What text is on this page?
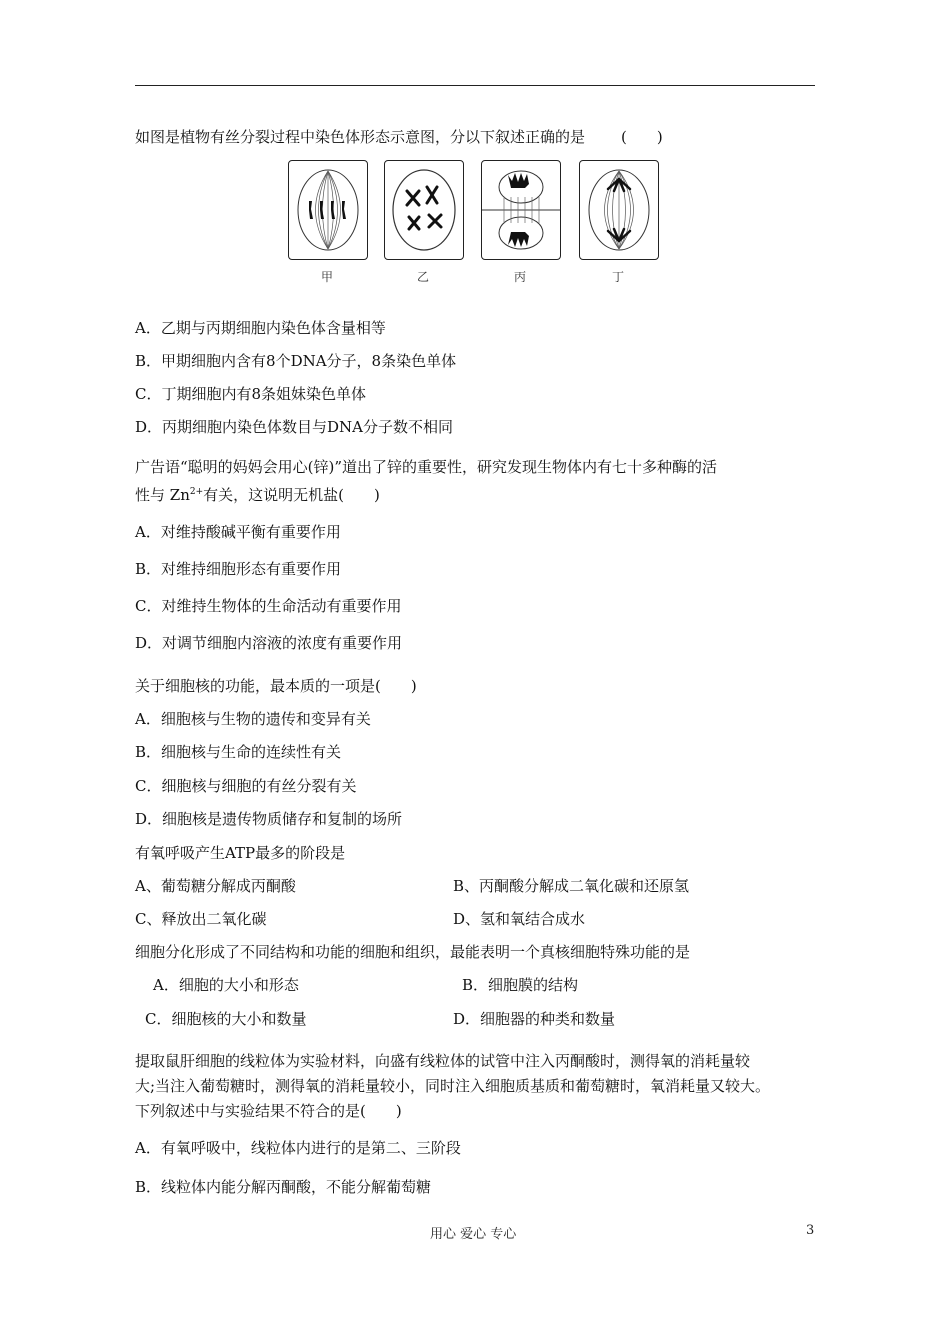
如图是植物有丝分裂过程中染色体形态示意图，分以下叙述正确的是 (　　)
甲	乙	丙	丁
A．乙期与丙期细胞内染色体含量相等
B．甲期细胞内含有8个DNA分子，8条染色单体
C．丁期细胞内有8条姐妹染色单体
D．丙期细胞内染色体数目与DNA分子数不相同
广告语“聪明的妈妈会用心(锌)”道出了锌的重要性，研究发现生物体内有七十多种酶的活
性与 $Zn^{2+}$有关，这说明无机盐(　　)
A．对维持酸碱平衡有重要作用
B．对维持细胞形态有重要作用
C．对维持生物体的生命活动有重要作用
D．对调节细胞内溶液的浓度有重要作用
关于细胞核的功能，最本质的一项是(　　)
A．细胞核与生物的遗传和变异有关
B．细胞核与生命的连续性有关
C．细胞核与细胞的有丝分裂有关
D．细胞核是遗传物质储存和复制的场所
有氧呼吸产生ATP最多的阶段是
A、葡萄糖分解成丙酮酸	B、丙酮酸分解成二氧化碳和还原氢
C、释放出二氧化碳	D、氢和氧结合成水
细胞分化形成了不同结构和功能的细胞和组织，最能表明一个真核细胞特殊功能的是
A．细胞的大小和形态	B．细胞膜的结构
C．细胞核的大小和数量	D．细胞器的种类和数量
提取鼠肝细胞的线粒体为实验材料，向盛有线粒体的试管中注入丙酮酸时，测得氧的消耗量较
大;当注入葡萄糖时，测得氧的消耗量较小，同时注入细胞质基质和葡萄糖时，氧消耗量又较大。
下列叙述中与实验结果不符合的是(　　)
A．有氧呼吸中，线粒体内进行的是第二、三阶段
B．线粒体内能分解丙酮酸，不能分解葡萄糖
用心 爱心 专心	3
